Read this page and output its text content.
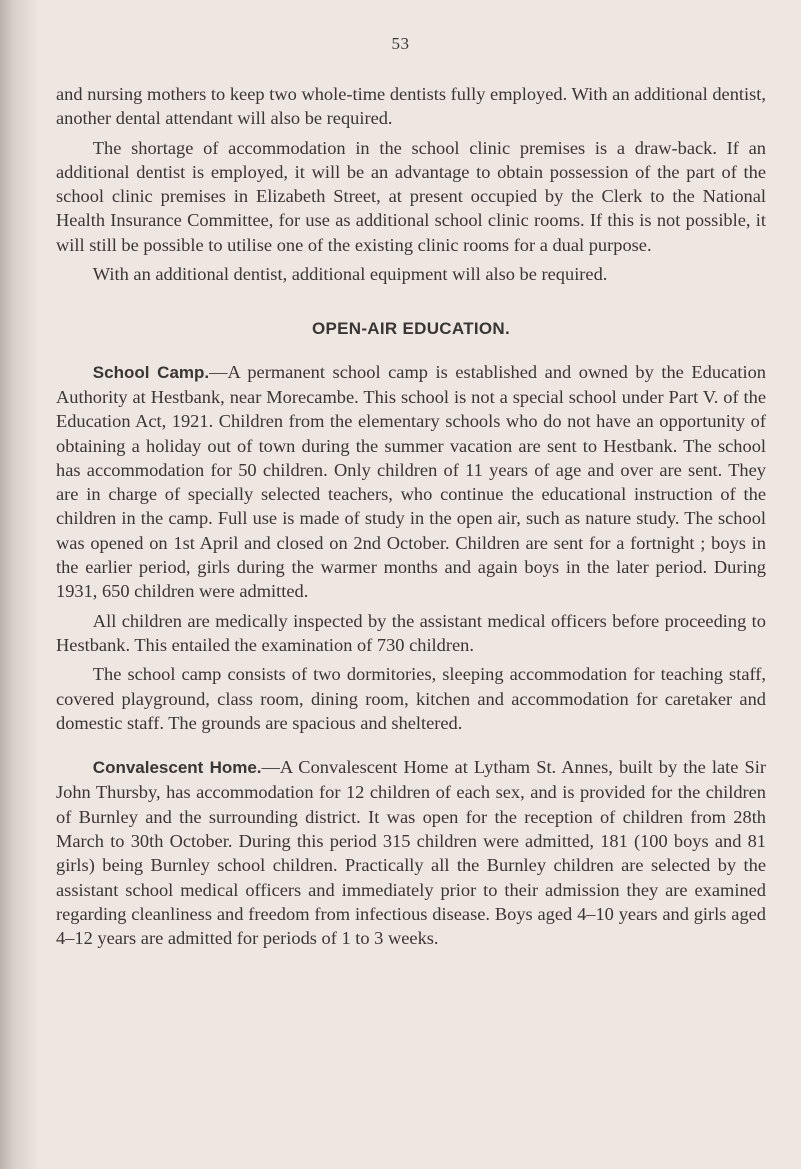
53

and nursing mothers to keep two whole-time dentists fully employed. With an additional dentist, another dental attendant will also be required.

The shortage of accommodation in the school clinic premises is a draw-back. If an additional dentist is employed, it will be an advantage to obtain possession of the part of the school clinic premises in Elizabeth Street, at present occupied by the Clerk to the National Health Insurance Committee, for use as additional school clinic rooms. If this is not possible, it will still be possible to utilise one of the existing clinic rooms for a dual purpose.

With an additional dentist, additional equipment will also be required.

OPEN-AIR EDUCATION.

School Camp.—A permanent school camp is established and owned by the Education Authority at Hestbank, near Morecambe. This school is not a special school under Part V. of the Education Act, 1921. Children from the elementary schools who do not have an opportunity of obtaining a holiday out of town during the summer vacation are sent to Hestbank. The school has accommodation for 50 children. Only children of 11 years of age and over are sent. They are in charge of specially selected teachers, who continue the educational instruction of the children in the camp. Full use is made of study in the open air, such as nature study. The school was opened on 1st April and closed on 2nd October. Children are sent for a fortnight ; boys in the earlier period, girls during the warmer months and again boys in the later period. During 1931, 650 children were admitted.

All children are medically inspected by the assistant medical officers before proceeding to Hestbank. This entailed the examination of 730 children.

The school camp consists of two dormitories, sleeping accommodation for teaching staff, covered playground, class room, dining room, kitchen and accommodation for caretaker and domestic staff. The grounds are spacious and sheltered.

Convalescent Home.—A Convalescent Home at Lytham St. Annes, built by the late Sir John Thursby, has accommodation for 12 children of each sex, and is provided for the children of Burnley and the surrounding district. It was open for the reception of children from 28th March to 30th October. During this period 315 children were admitted, 181 (100 boys and 81 girls) being Burnley school children. Practically all the Burnley children are selected by the assistant school medical officers and immediately prior to their admission they are examined regarding cleanliness and freedom from infectious disease. Boys aged 4–10 years and girls aged 4–12 years are admitted for periods of 1 to 3 weeks.
